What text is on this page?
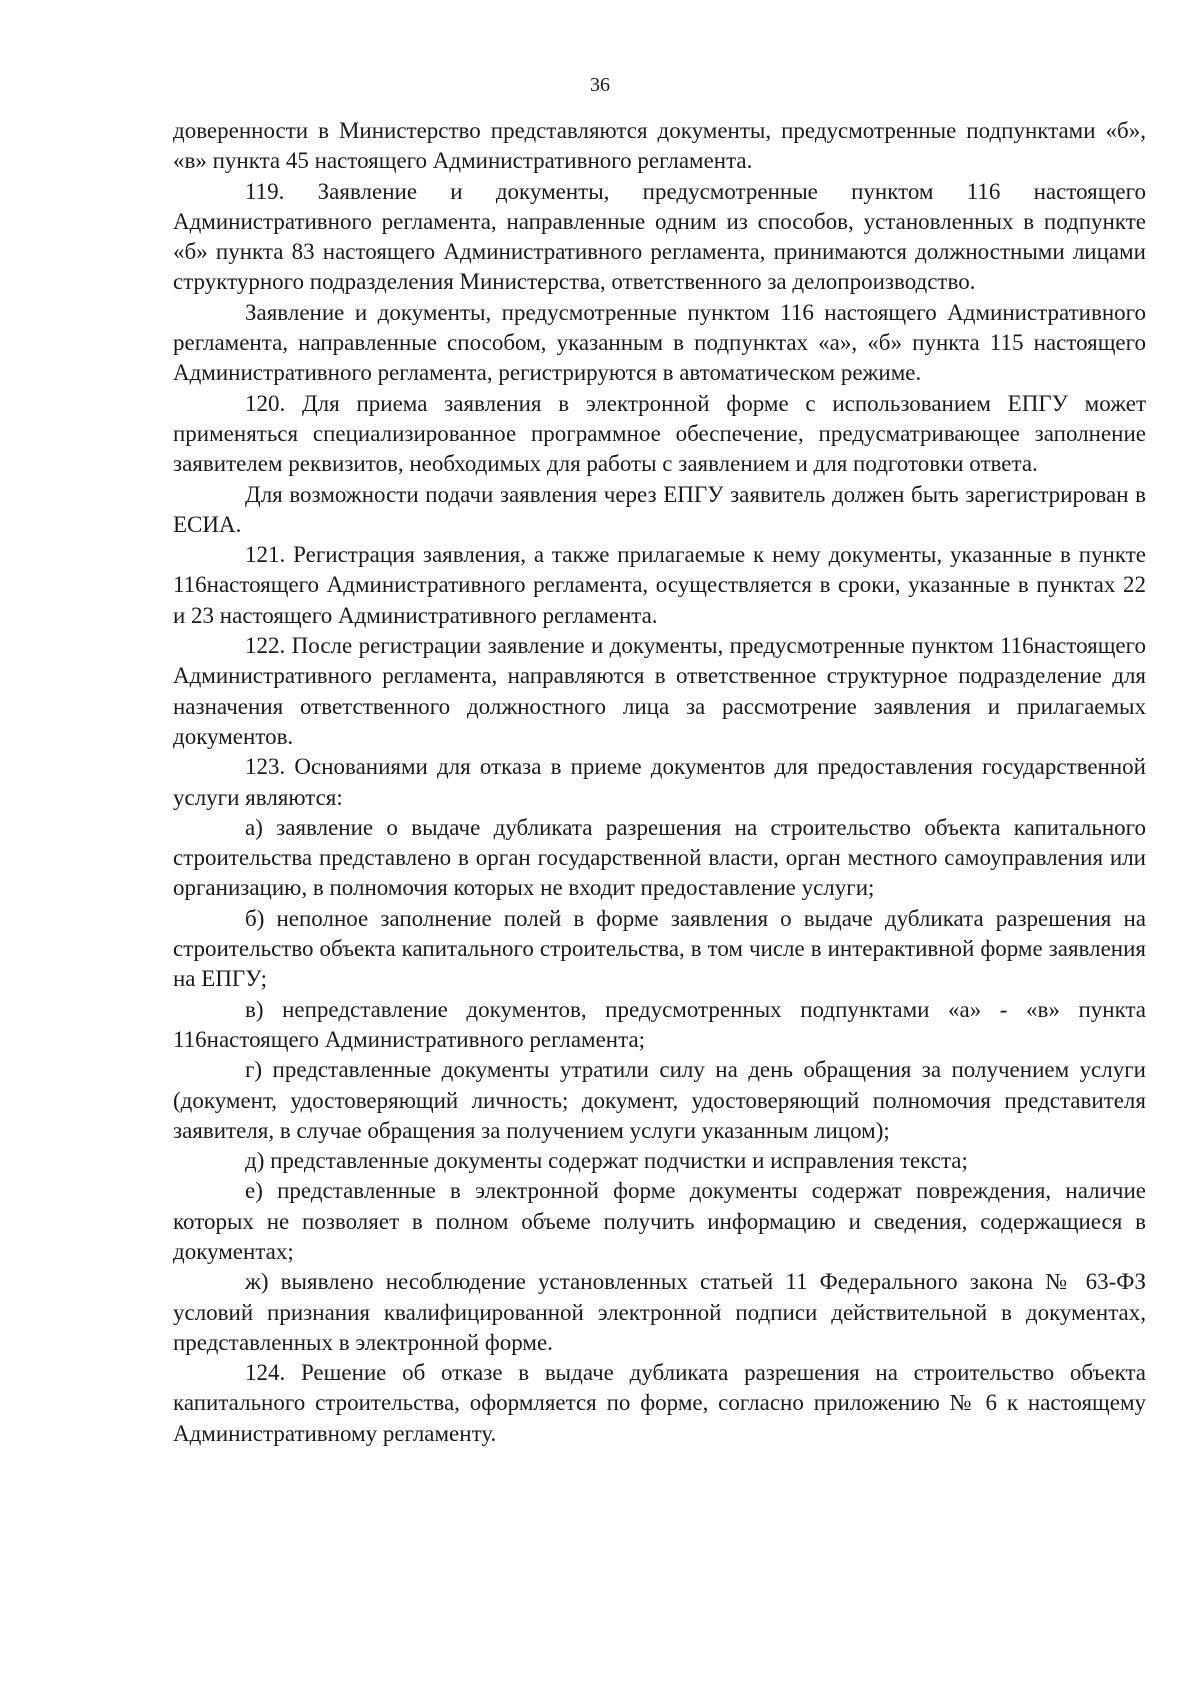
36

доверенности в Министерство представляются документы, предусмотренные подпунктами «б», «в» пункта 45 настоящего Административного регламента.

119. Заявление и документы, предусмотренные пунктом 116 настоящего Административного регламента, направленные одним из способов, установленных в подпункте «б» пункта 83 настоящего Административного регламента, принимаются должностными лицами структурного подразделения Министерства, ответственного за делопроизводство.

Заявление и документы, предусмотренные пунктом 116 настоящего Административного регламента, направленные способом, указанным в подпунктах «а», «б» пункта 115 настоящего Административного регламента, регистрируются в автоматическом режиме.

120. Для приема заявления в электронной форме с использованием ЕПГУ может применяться специализированное программное обеспечение, предусматривающее заполнение заявителем реквизитов, необходимых для работы с заявлением и для подготовки ответа.

Для возможности подачи заявления через ЕПГУ заявитель должен быть зарегистрирован в ЕСИА.

121. Регистрация заявления, а также прилагаемые к нему документы, указанные в пункте 116настоящего Административного регламента, осуществляется в сроки, указанные в пунктах 22 и 23 настоящего Административного регламента.

122. После регистрации заявление и документы, предусмотренные пунктом 116настоящего Административного регламента, направляются в ответственное структурное подразделение для назначения ответственного должностного лица за рассмотрение заявления и прилагаемых документов.

123. Основаниями для отказа в приеме документов для предоставления государственной услуги являются:

а) заявление о выдаче дубликата разрешения на строительство объекта капитального строительства представлено в орган государственной власти, орган местного самоуправления или организацию, в полномочия которых не входит предоставление услуги;

б) неполное заполнение полей в форме заявления о выдаче дубликата разрешения на строительство объекта капитального строительства, в том числе в интерактивной форме заявления на ЕПГУ;

в) непредставление документов, предусмотренных подпунктами «а» - «в» пункта 116настоящего Административного регламента;

г) представленные документы утратили силу на день обращения за получением услуги (документ, удостоверяющий личность; документ, удостоверяющий полномочия представителя заявителя, в случае обращения за получением услуги указанным лицом);

д) представленные документы содержат подчистки и исправления текста;

е) представленные в электронной форме документы содержат повреждения, наличие которых не позволяет в полном объеме получить информацию и сведения, содержащиеся в документах;

ж) выявлено несоблюдение установленных статьей 11 Федерального закона № 63-ФЗ условий признания квалифицированной электронной подписи действительной в документах, представленных в электронной форме.

124. Решение об отказе в выдаче дубликата разрешения на строительство объекта капитального строительства, оформляется по форме, согласно приложению № 6 к настоящему Административному регламенту.
